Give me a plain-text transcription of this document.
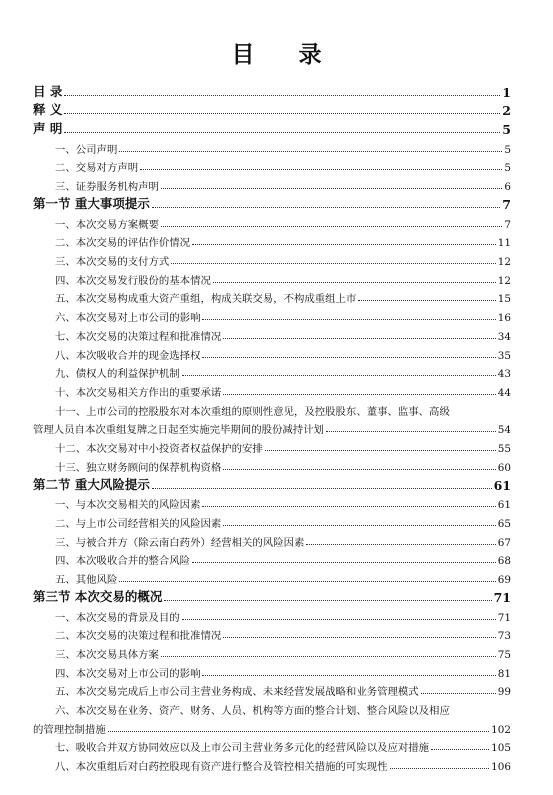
目 录
目 录	1
释 义	2
声 明	5
一、公司声明	5
二、交易对方声明	5
三、证券服务机构声明	6
第一节 重大事项提示	7
一、本次交易方案概要	7
二、本次交易的评估作价情况	11
三、本次交易的支付方式	12
四、本次交易发行股份的基本情况	12
五、本次交易构成重大资产重组，构成关联交易，不构成重组上市	15
六、本次交易对上市公司的影响	16
七、本次交易的决策过程和批准情况	34
八、本次吸收合并的现金选择权	35
九、债权人的利益保护机制	43
十、本次交易相关方作出的重要承诺	44
十一、上市公司的控股股东对本次重组的原则性意见，及控股股东、董事、监事、高级
管理人员自本次重组复牌之日起至实施完毕期间的股份减持计划	54
十二、本次交易对中小投资者权益保护的安排	55
十三、独立财务顾问的保荐机构资格	60
第二节 重大风险提示	61
一、与本次交易相关的风险因素	61
二、与上市公司经营相关的风险因素	65
三、与被合并方（除云南白药外）经营相关的风险因素	67
四、本次吸收合并的整合风险	68
五、其他风险	69
第三节 本次交易的概况	71
一、本次交易的背景及目的	71
二、本次交易的决策过程和批准情况	73
三、本次交易具体方案	75
四、本次交易对上市公司的影响	81
五、本次交易完成后上市公司主营业务构成、未来经营发展战略和业务管理模式	99
六、本次交易在业务、资产、财务、人员、机构等方面的整合计划、整合风险以及相应
的管理控制措施	102
七、吸收合并双方协同效应以及上市公司主营业务多元化的经营风险以及应对措施	105
八、本次重组后对白药控股现有资产进行整合及管控相关措施的可实现性	106
